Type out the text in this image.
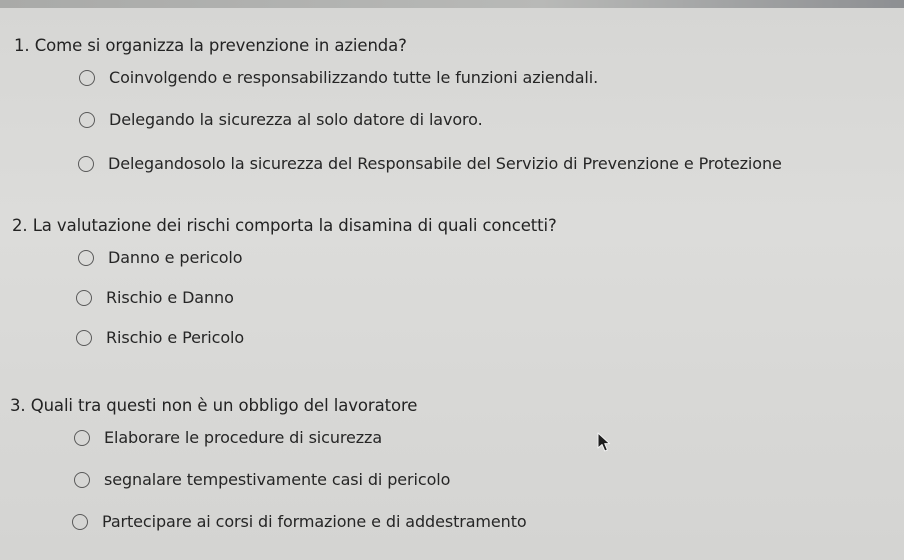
1. Come si organizza la prevenzione in azienda?
Coinvolgendo e responsabilizzando tutte le funzioni aziendali.
Delegando la sicurezza al solo datore di lavoro.
Delegandosolo la sicurezza del Responsabile del Servizio di Prevenzione e Protezione
2. La valutazione dei rischi comporta la disamina di quali concetti?
Danno e pericolo
Rischio e Danno
Rischio e Pericolo
3. Quali tra questi non è un obbligo del lavoratore
Elaborare le procedure di sicurezza
segnalare tempestivamente casi di pericolo
Partecipare ai corsi di formazione e di addestramento
